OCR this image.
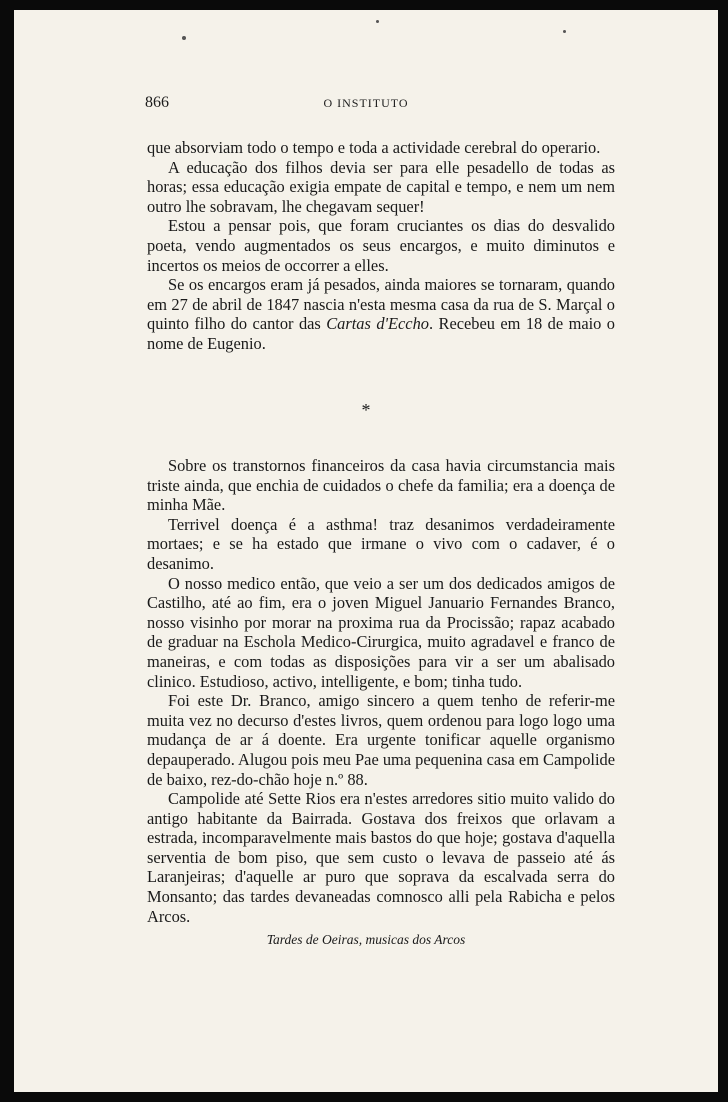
866	O INSTITUTO

que absorviam todo o tempo e toda a actividade cerebral do operario.

A educação dos filhos devia ser para elle pesadello de todas as horas; essa educação exigia empate de capital e tempo, e nem um nem outro lhe sobravam, lhe chegavam sequer!

Estou a pensar pois, que foram cruciantes os dias do desvalido poeta, vendo augmentados os seus encargos, e muito diminutos e incertos os meios de occorrer a elles.

Se os encargos eram já pesados, ainda maiores se tornaram, quando em 27 de abril de 1847 nascia n'esta mesma casa da rua de S. Marçal o quinto filho do cantor das Cartas d'Eccho. Recebeu em 18 de maio o nome de Eugenio.

*

Sobre os transtornos financeiros da casa havia circumstancia mais triste ainda, que enchia de cuidados o chefe da familia; era a doença de minha Mãe.

Terrivel doença é a asthma! traz desanimos verdadeiramente mortaes; e se ha estado que irmane o vivo com o cadaver, é o desanimo.

O nosso medico então, que veio a ser um dos dedicados amigos de Castilho, até ao fim, era o joven Miguel Januario Fernandes Branco, nosso visinho por morar na proxima rua da Procissão; rapaz acabado de graduar na Eschola Medico-Cirurgica, muito agradavel e franco de maneiras, e com todas as disposições para vir a ser um abalisado clinico. Estudioso, activo, intelligente, e bom; tinha tudo.

Foi este Dr. Branco, amigo sincero a quem tenho de referir-me muita vez no decurso d'estes livros, quem ordenou para logo logo uma mudança de ar á doente. Era urgente tonificar aquelle organismo depauperado. Alugou pois meu Pae uma pequenina casa em Campolide de baixo, rez-do-chão hoje n.º 88.

Campolide até Sette Rios era n'estes arredores sitio muito valido do antigo habitante da Bairrada. Gostava dos freixos que orlavam a estrada, incomparavelmente mais bastos do que hoje; gostava d'aquella serventia de bom piso, que sem custo o levava de passeio até ás Laranjeiras; d'aquelle ar puro que soprava da escalvada serra do Monsanto; das tardes devaneadas comnosco alli pela Rabicha e pelos Arcos.

Tardes de Oeiras, musicas dos Arcos
